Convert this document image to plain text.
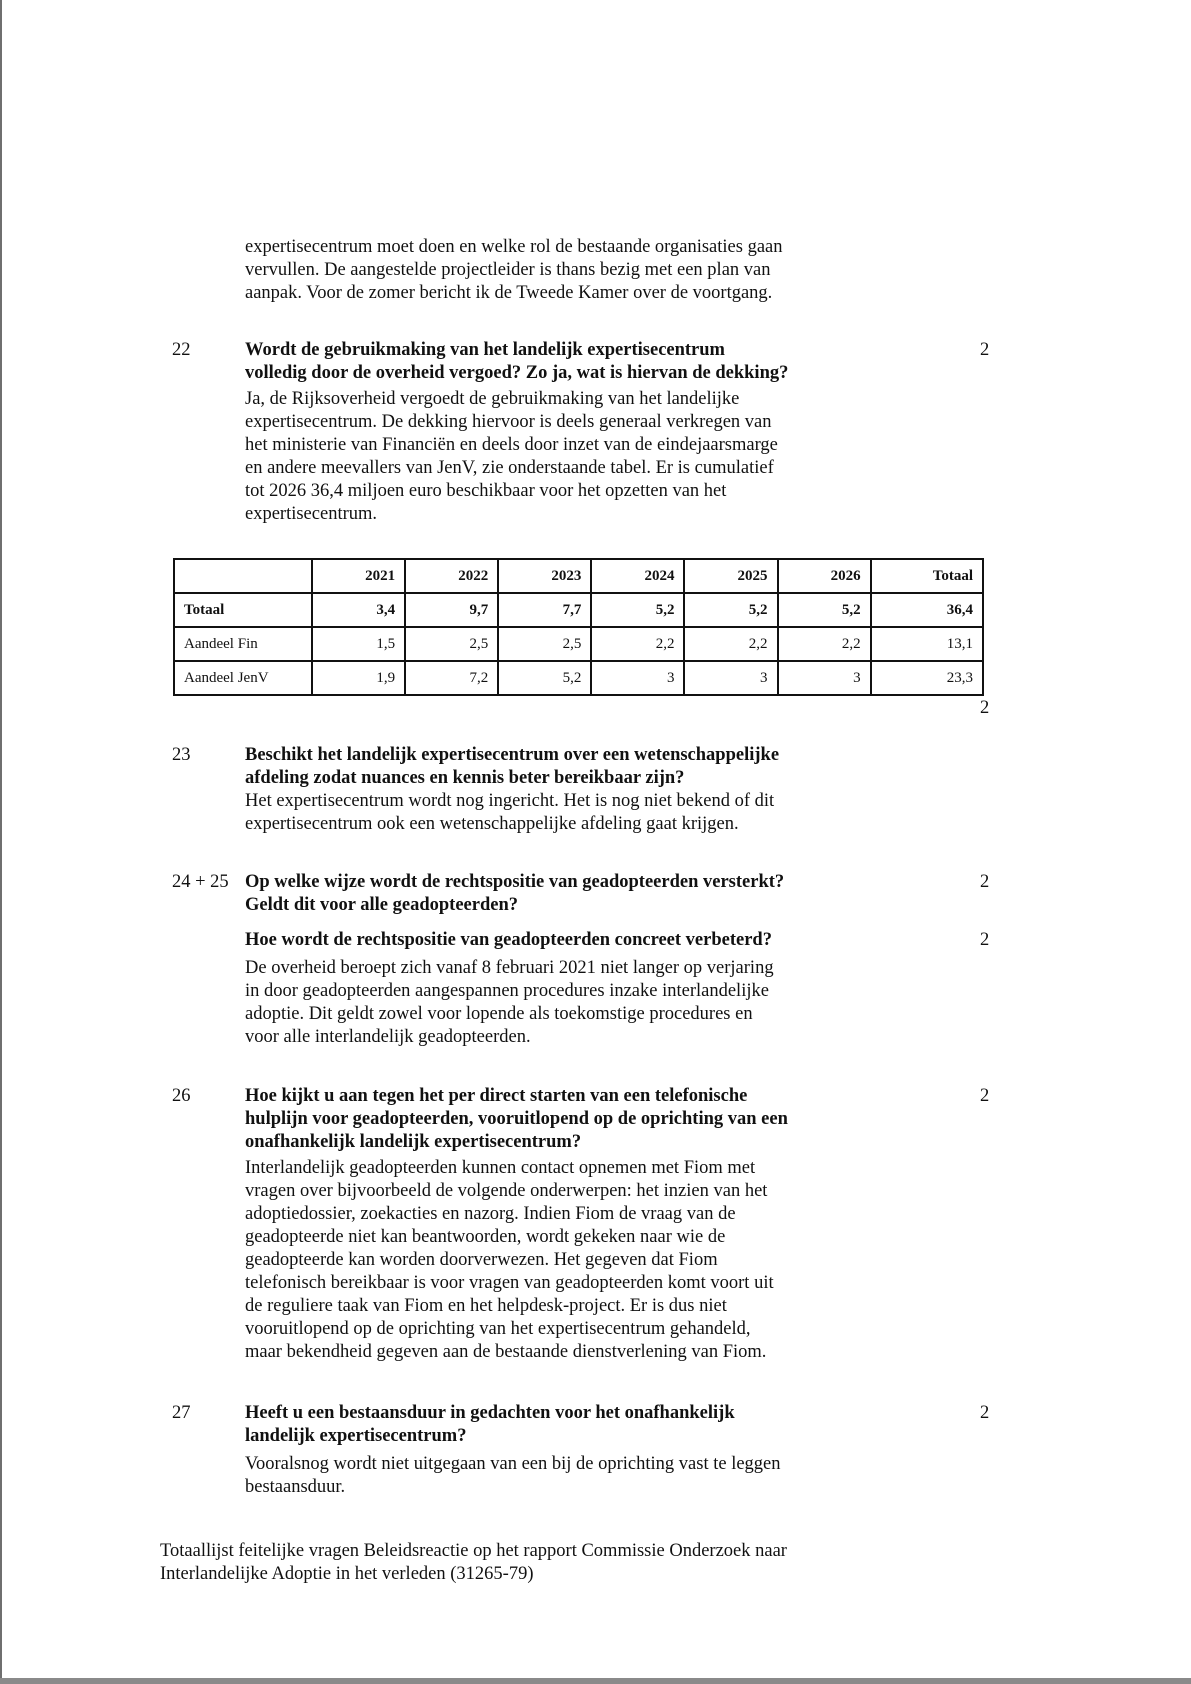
expertisecentrum moet doen en welke rol de bestaande organisaties gaan
vervullen. De aangestelde projectleider is thans bezig met een plan van
aanpak. Voor de zomer bericht ik de Tweede Kamer over de voortgang.
22	2
Wordt de gebruikmaking van het landelijk expertisecentrum
volledig door de overheid vergoed? Zo ja, wat is hiervan de dekking?
Ja, de Rijksoverheid vergoedt de gebruikmaking van het landelijke
expertisecentrum. De dekking hiervoor is deels generaal verkregen van
het ministerie van Financiën en deels door inzet van de eindejaarsmarge
en andere meevallers van JenV, zie onderstaande tabel. Er is cumulatief
tot 2026 36,4 miljoen euro beschikbaar voor het opzetten van het
expertisecentrum.
	2021	2022	2023	2024	2025	2026	Totaal
Totaal	3,4	9,7	7,7	5,2	5,2	5,2	36,4
Aandeel Fin	1,5	2,5	2,5	2,2	2,2	2,2	13,1
Aandeel JenV	1,9	7,2	5,2	3	3	3	23,3
2
23	Beschikt het landelijk expertisecentrum over een wetenschappelijke
afdeling zodat nuances en kennis beter bereikbaar zijn?
Het expertisecentrum wordt nog ingericht. Het is nog niet bekend of dit
expertisecentrum ook een wetenschappelijke afdeling gaat krijgen.
24 + 25	2
2
Op welke wijze wordt de rechtspositie van geadopteerden versterkt?
Geldt dit voor alle geadopteerden?
Hoe wordt de rechtspositie van geadopteerden concreet verbeterd?
De overheid beroept zich vanaf 8 februari 2021 niet langer op verjaring
in door geadopteerden aangespannen procedures inzake interlandelijke
adoptie. Dit geldt zowel voor lopende als toekomstige procedures en
voor alle interlandelijk geadopteerden.
26	2
Hoe kijkt u aan tegen het per direct starten van een telefonische
hulplijn voor geadopteerden, vooruitlopend op de oprichting van een
onafhankelijk landelijk expertisecentrum?
Interlandelijk geadopteerden kunnen contact opnemen met Fiom met
vragen over bijvoorbeeld de volgende onderwerpen: het inzien van het
adoptiedossier, zoekacties en nazorg. Indien Fiom de vraag van de
geadopteerde niet kan beantwoorden, wordt gekeken naar wie de
geadopteerde kan worden doorverwezen. Het gegeven dat Fiom
telefonisch bereikbaar is voor vragen van geadopteerden komt voort uit
de reguliere taak van Fiom en het helpdesk-project. Er is dus niet
vooruitlopend op de oprichting van het expertisecentrum gehandeld,
maar bekendheid gegeven aan de bestaande dienstverlening van Fiom.
27	2
Heeft u een bestaansduur in gedachten voor het onafhankelijk
landelijk expertisecentrum?
Vooralsnog wordt niet uitgegaan van een bij de oprichting vast te leggen
bestaansduur.
Totaallijst feitelijke vragen Beleidsreactie op het rapport Commissie Onderzoek naar
Interlandelijke Adoptie in het verleden (31265-79)
